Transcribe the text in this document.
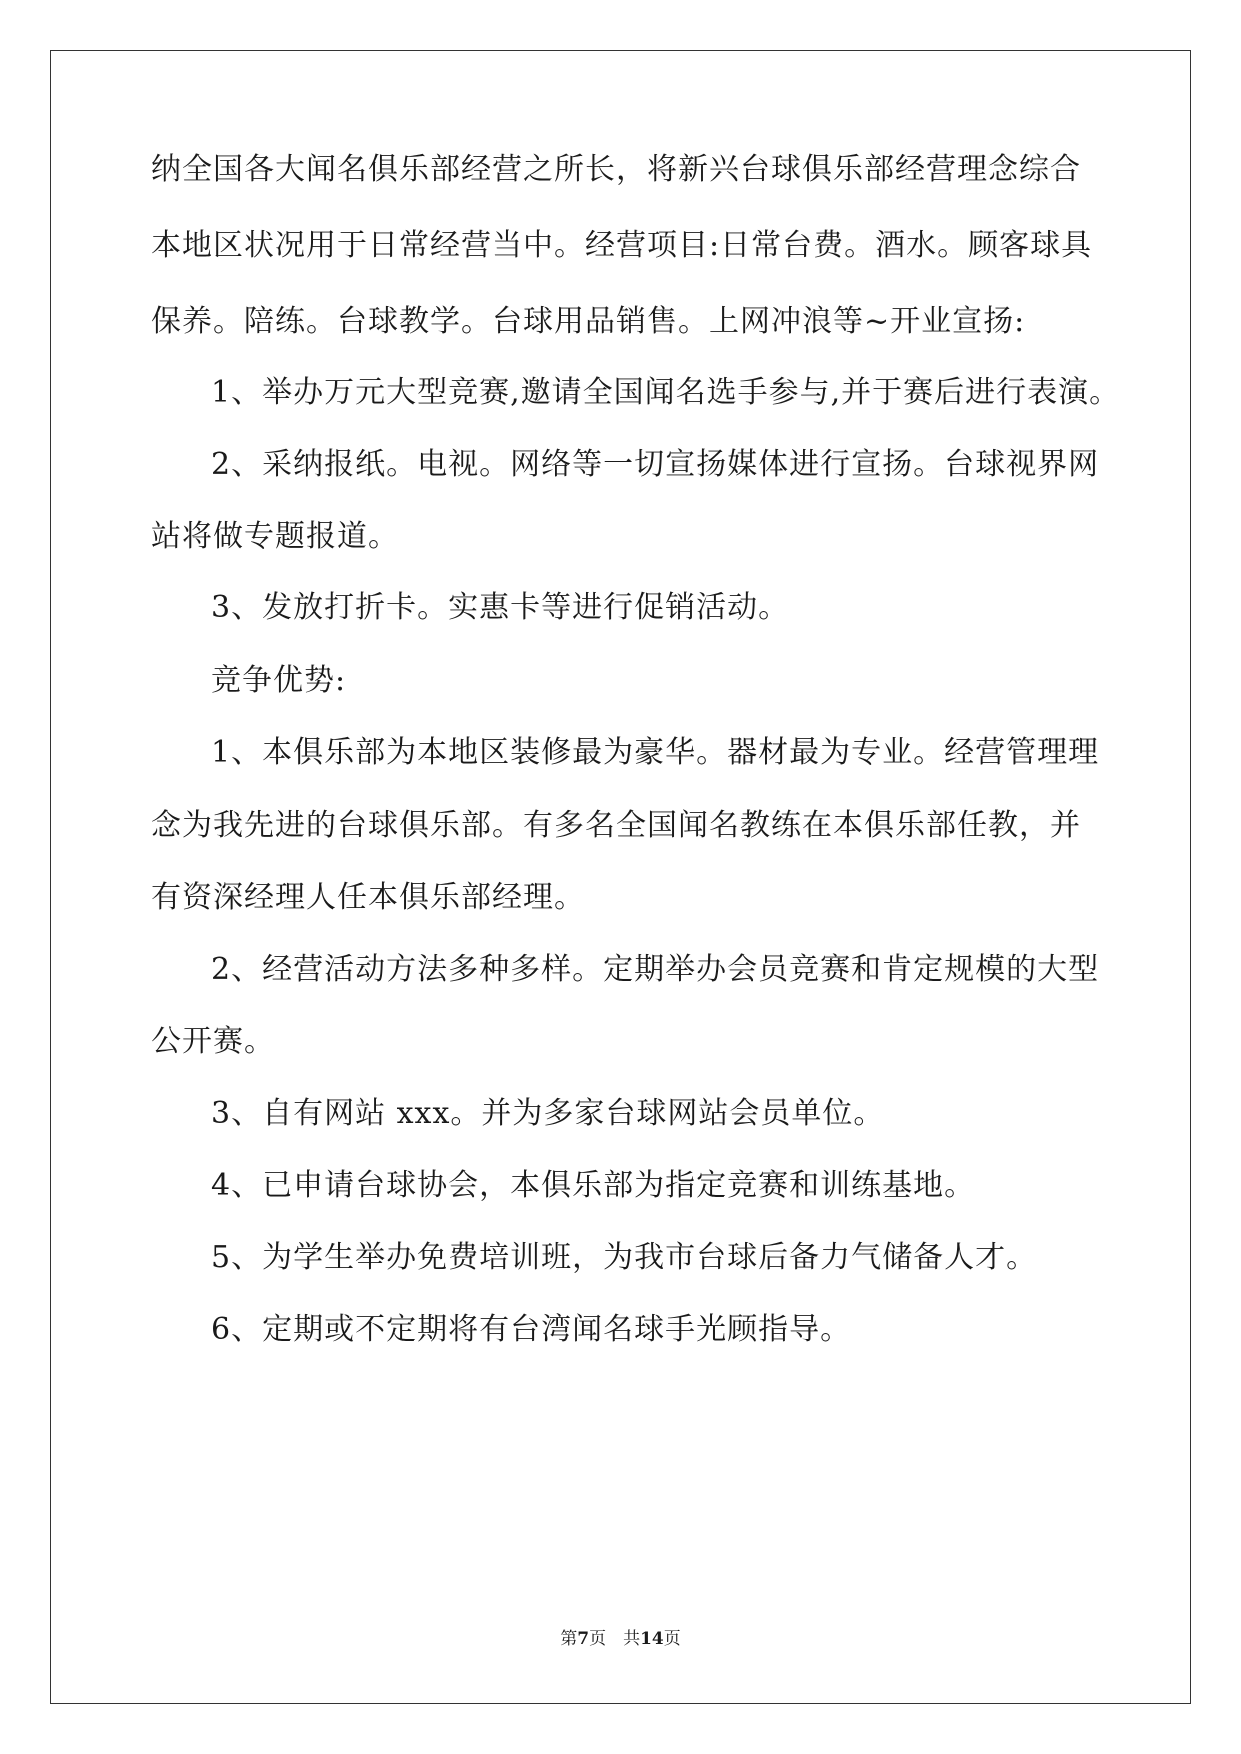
纳全国各大闻名俱乐部经营之所长，将新兴台球俱乐部经营理念综合
本地区状况用于日常经营当中。经营项目:日常台费。酒水。顾客球具
保养。陪练。台球教学。台球用品销售。上网冲浪等~开业宣扬:
1、举办万元大型竞赛,邀请全国闻名选手参与,并于赛后进行表演。
2、采纳报纸。电视。网络等一切宣扬媒体进行宣扬。台球视界网
站将做专题报道。
3、发放打折卡。实惠卡等进行促销活动。
竞争优势:
1、本俱乐部为本地区装修最为豪华。器材最为专业。经营管理理
念为我先进的台球俱乐部。有多名全国闻名教练在本俱乐部任教，并
有资深经理人任本俱乐部经理。
2、经营活动方法多种多样。定期举办会员竞赛和肯定规模的大型
公开赛。
3、自有网站 xxx。并为多家台球网站会员单位。
4、已申请台球协会，本俱乐部为指定竞赛和训练基地。
5、为学生举办免费培训班，为我市台球后备力气储备人才。
6、定期或不定期将有台湾闻名球手光顾指导。
第7页　共14页
